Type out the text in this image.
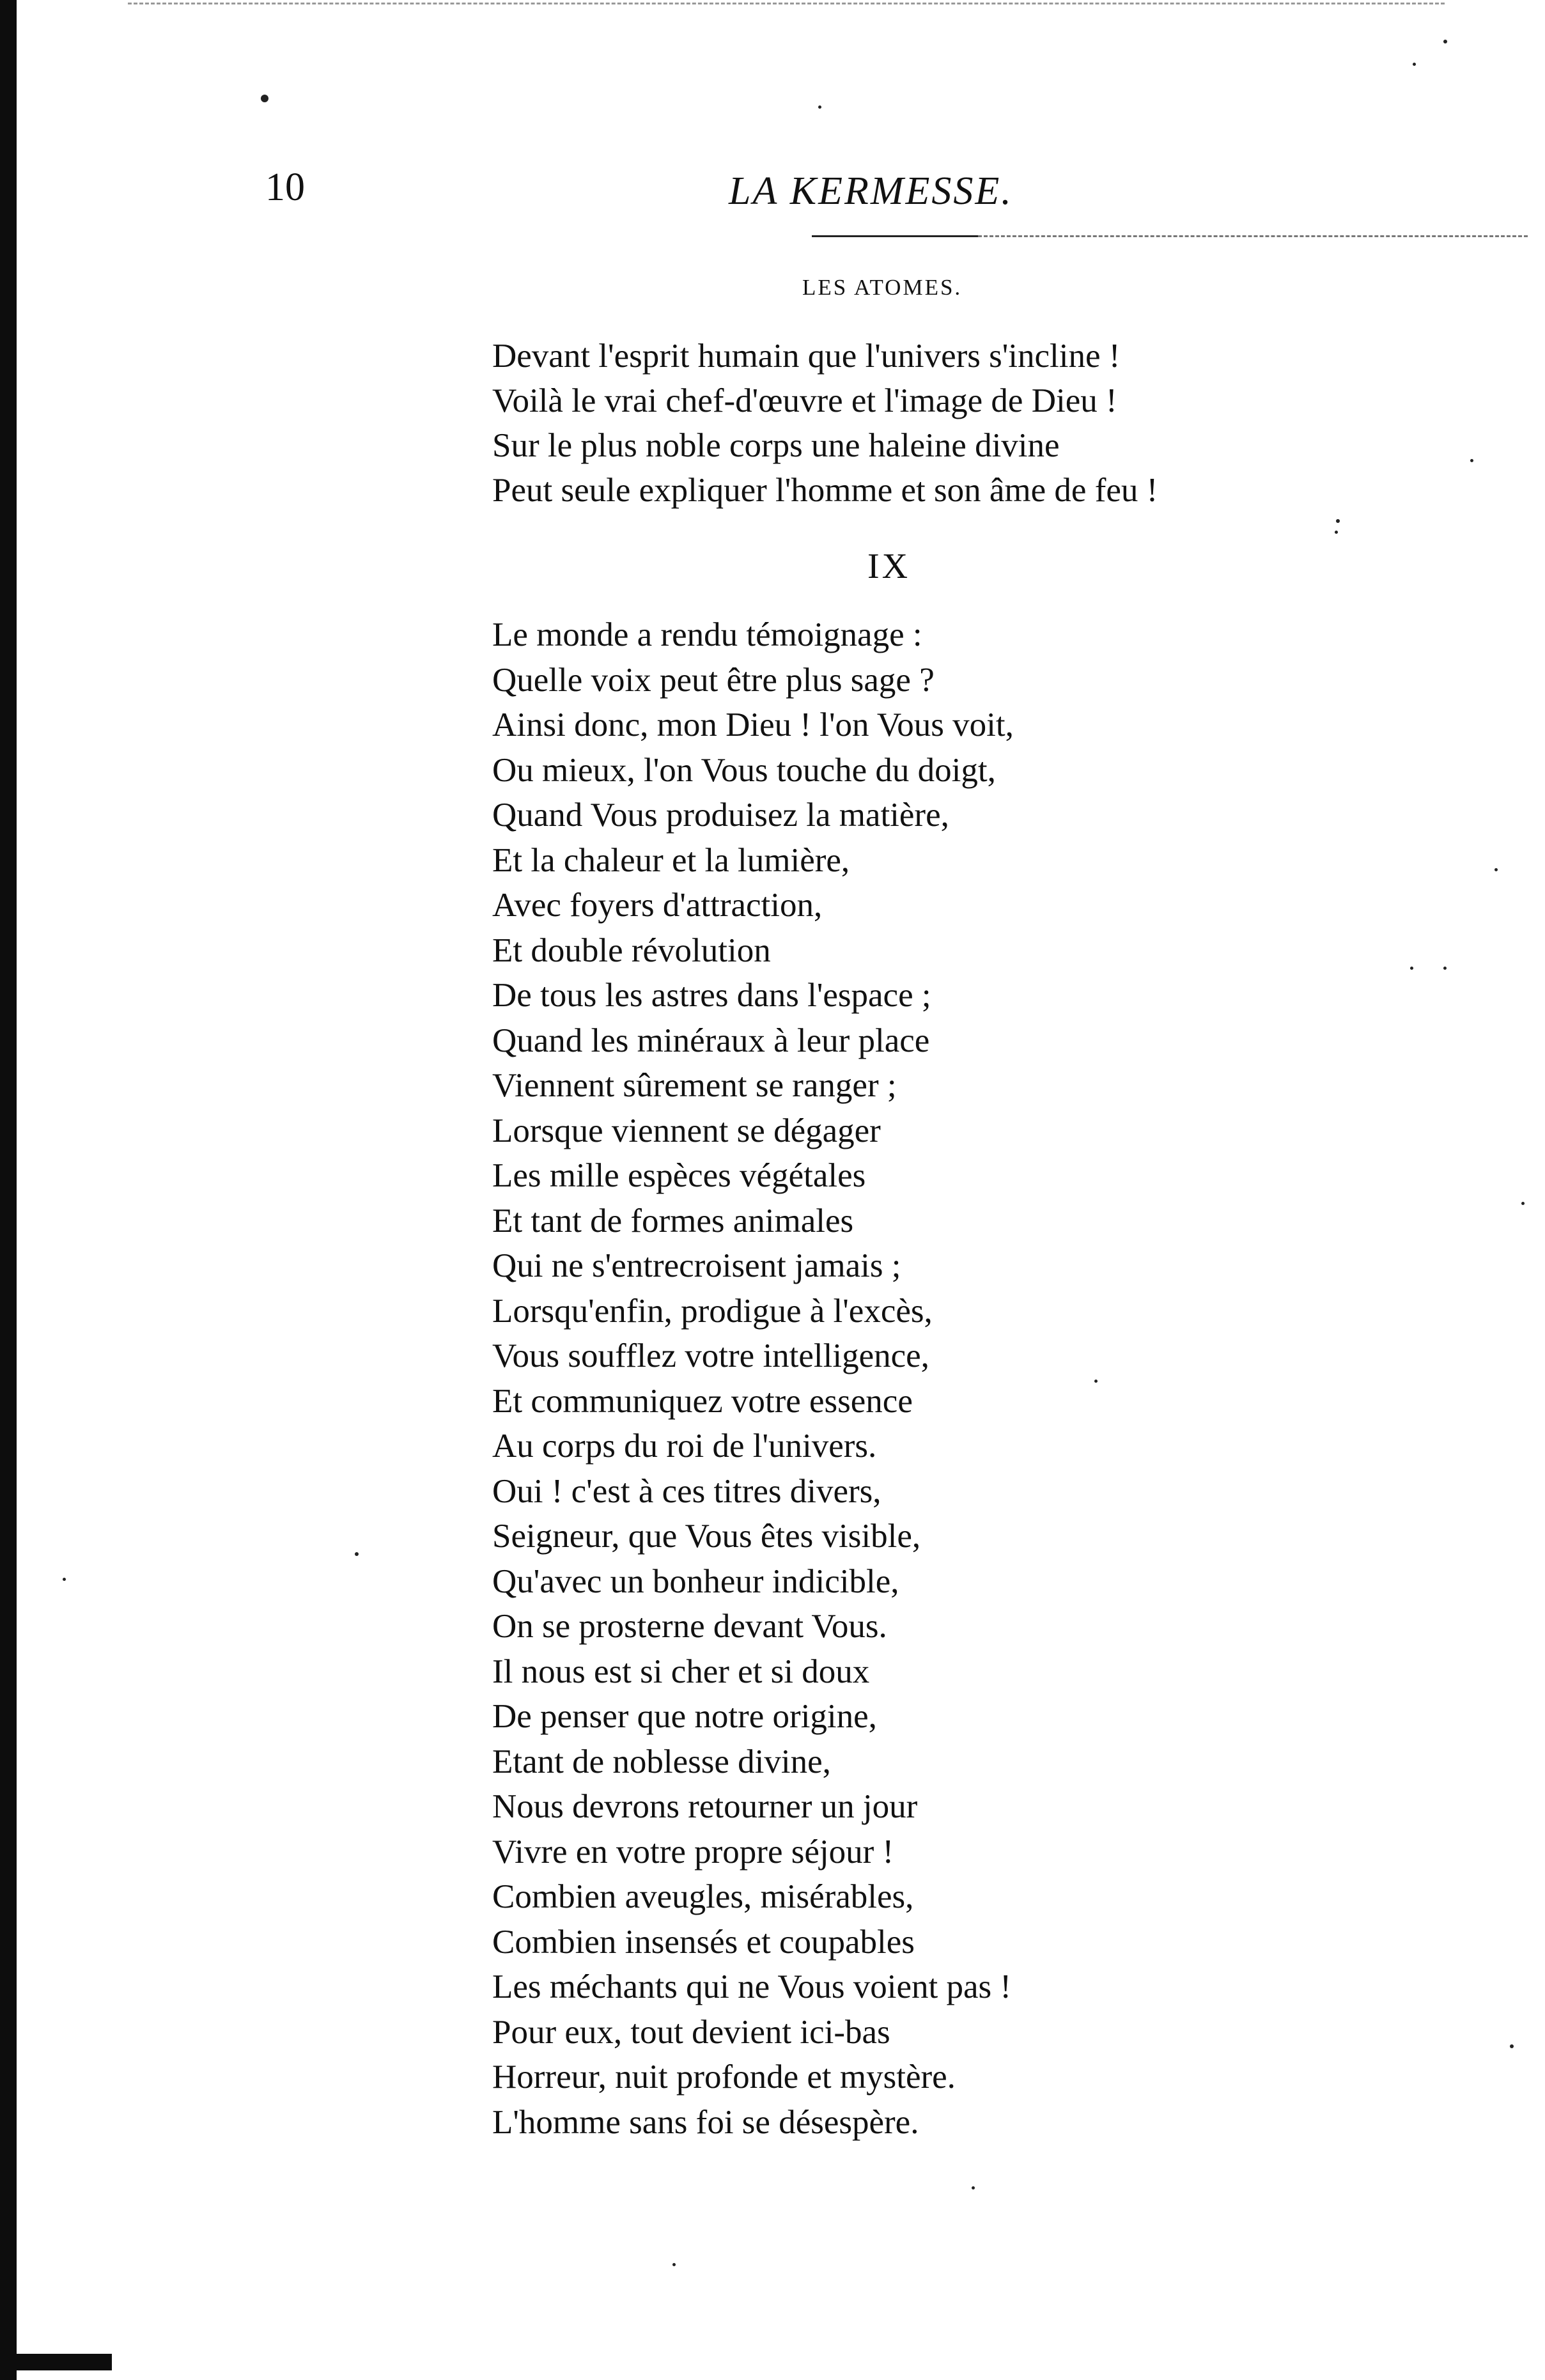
10	LA KERMESSE.
LES ATOMES.
Devant l'esprit humain que l'univers s'incline !
Voilà le vrai chef-d'œuvre et l'image de Dieu !
Sur le plus noble corps une haleine divine
Peut seule expliquer l'homme et son âme de feu !
IX
Le monde a rendu témoignage :
Quelle voix peut être plus sage ?
Ainsi donc, mon Dieu ! l'on Vous voit,
Ou mieux, l'on Vous touche du doigt,
Quand Vous produisez la matière,
Et la chaleur et la lumière,
Avec foyers d'attraction,
Et double révolution
De tous les astres dans l'espace ;
Quand les minéraux à leur place
Viennent sûrement se ranger ;
Lorsque viennent se dégager
Les mille espèces végétales
Et tant de formes animales
Qui ne s'entrecroisent jamais ;
Lorsqu'enfin, prodigue à l'excès,
Vous soufflez votre intelligence,
Et communiquez votre essence
Au corps du roi de l'univers.
Oui ! c'est à ces titres divers,
Seigneur, que Vous êtes visible,
Qu'avec un bonheur indicible,
On se prosterne devant Vous.
Il nous est si cher et si doux
De penser que notre origine,
Etant de noblesse divine,
Nous devrons retourner un jour
Vivre en votre propre séjour !
Combien aveugles, misérables,
Combien insensés et coupables
Les méchants qui ne Vous voient pas !
Pour eux, tout devient ici-bas
Horreur, nuit profonde et mystère.
L'homme sans foi se désespère.
